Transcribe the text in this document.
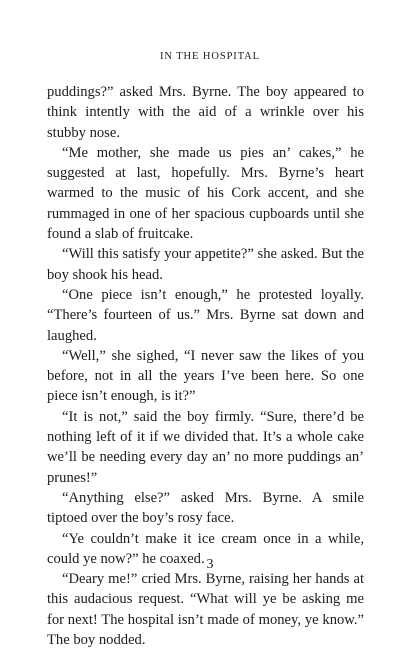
IN THE HOSPITAL

puddings?” asked Mrs. Byrne. The boy appeared to think intently with the aid of a wrinkle over his stubby nose.

“Me mother, she made us pies an’ cakes,” he suggested at last, hopefully. Mrs. Byrne’s heart warmed to the music of his Cork accent, and she rummaged in one of her spacious cupboards until she found a slab of fruitcake.

“Will this satisfy your appetite?” she asked. But the boy shook his head.

“One piece isn’t enough,” he protested loyally. “There’s fourteen of us.” Mrs. Byrne sat down and laughed.

“Well,” she sighed, “I never saw the likes of you before, not in all the years I’ve been here. So one piece isn’t enough, is it?”

“It is not,” said the boy firmly. “Sure, there’d be nothing left of it if we divided that. It’s a whole cake we’ll be needing every day an’ no more puddings an’ prunes!”

“Anything else?” asked Mrs. Byrne. A smile tiptoed over the boy’s rosy face.

“Ye couldn’t make it ice cream once in a while, could ye now?” he coaxed.

“Deary me!” cried Mrs. Byrne, raising her hands at this audacious request. “What will ye be asking me for next! The hospital isn’t made of money, ye know.” The boy nodded.

3
